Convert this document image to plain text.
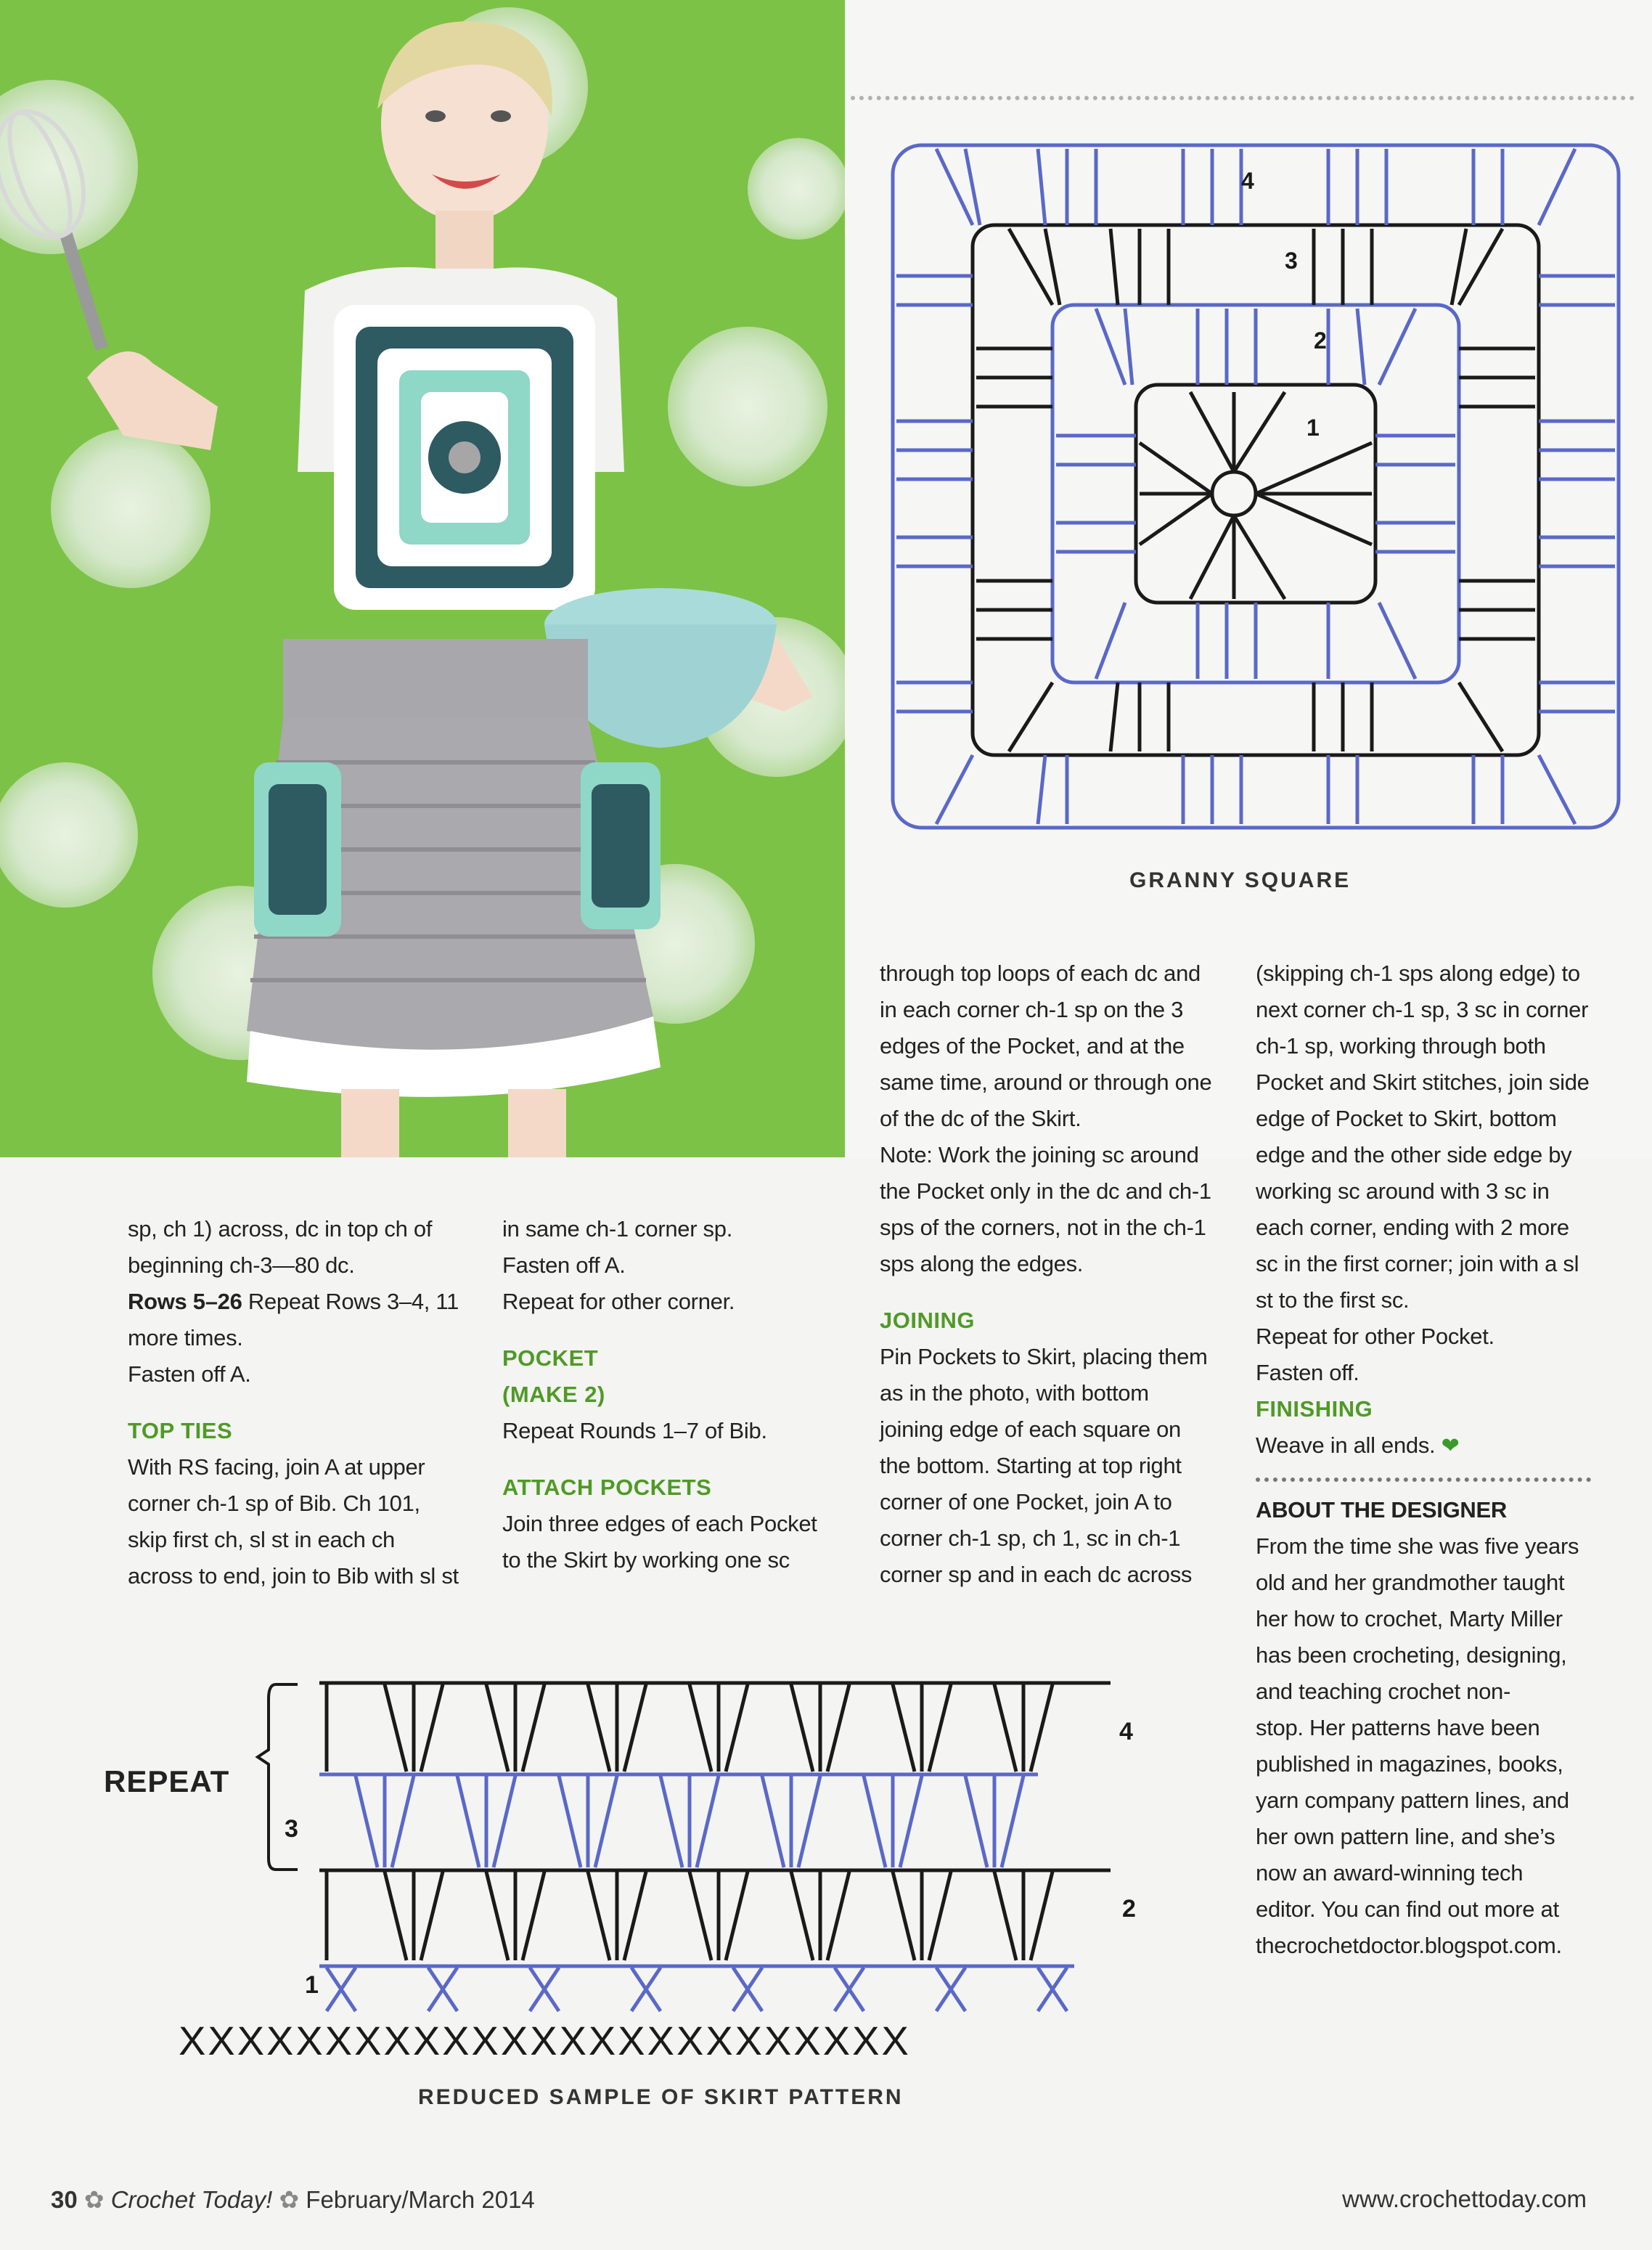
1
2
3
4
GRANNY SQUARE

sp, ch 1) across, dc in top ch of

beginning ch-3—80 dc.

Rows 5–26 Repeat Rows 3–4, 11

more times.

Fasten off A.

TOP TIES

With RS facing, join A at upper

corner ch-1 sp of Bib. Ch 101,

skip first ch, sl st in each ch

across to end, join to Bib with sl st

in same ch-1 corner sp.

Fasten off A.

Repeat for other corner.

POCKET

(MAKE 2)

Repeat Rounds 1–7 of Bib.

ATTACH POCKETS

Join three edges of each Pocket

to the Skirt by working one sc

through top loops of each dc and

in each corner ch-1 sp on the 3

edges of the Pocket, and at the

same time, around or through one

of the dc of the Skirt.

Note: Work the joining sc around

the Pocket only in the dc and ch-1

sps of the corners, not in the ch-1

sps along the edges.

JOINING

Pin Pockets to Skirt, placing them

as in the photo, with bottom

joining edge of each square on

the bottom. Starting at top right

corner of one Pocket, join A to

corner ch-1 sp, ch 1, sc in ch-1

corner sp and in each dc across

(skipping ch-1 sps along edge) to

next corner ch-1 sp, 3 sc in corner

ch-1 sp, working through both

Pocket and Skirt stitches, join side

edge of Pocket to Skirt, bottom

edge and the other side edge by

working sc around with 3 sc in

each corner, ending with 2 more

sc in the first corner; join with a sl

st to the first sc.

Repeat for other Pocket.

Fasten off.

FINISHING

Weave in all ends. ❤

ABOUT THE DESIGNER

From the time she was five years

old and her grandmother taught

her how to crochet, Marty Miller

has been crocheting, designing,

and teaching crochet non-

stop. Her patterns have been

published in magazines, books,

yarn company pattern lines, and

her own pattern line, and she’s

now an award-winning tech

editor. You can find out more at

thecrochetdoctor.blogspot.com.

REPEAT
1
2
3
4
XXXXXXXXXXXXXXXXXXXXXXXXX
REDUCED SAMPLE OF SKIRT PATTERN
30 ✿ Crochet Today! ✿ February/March 2014	www.crochettoday.com
